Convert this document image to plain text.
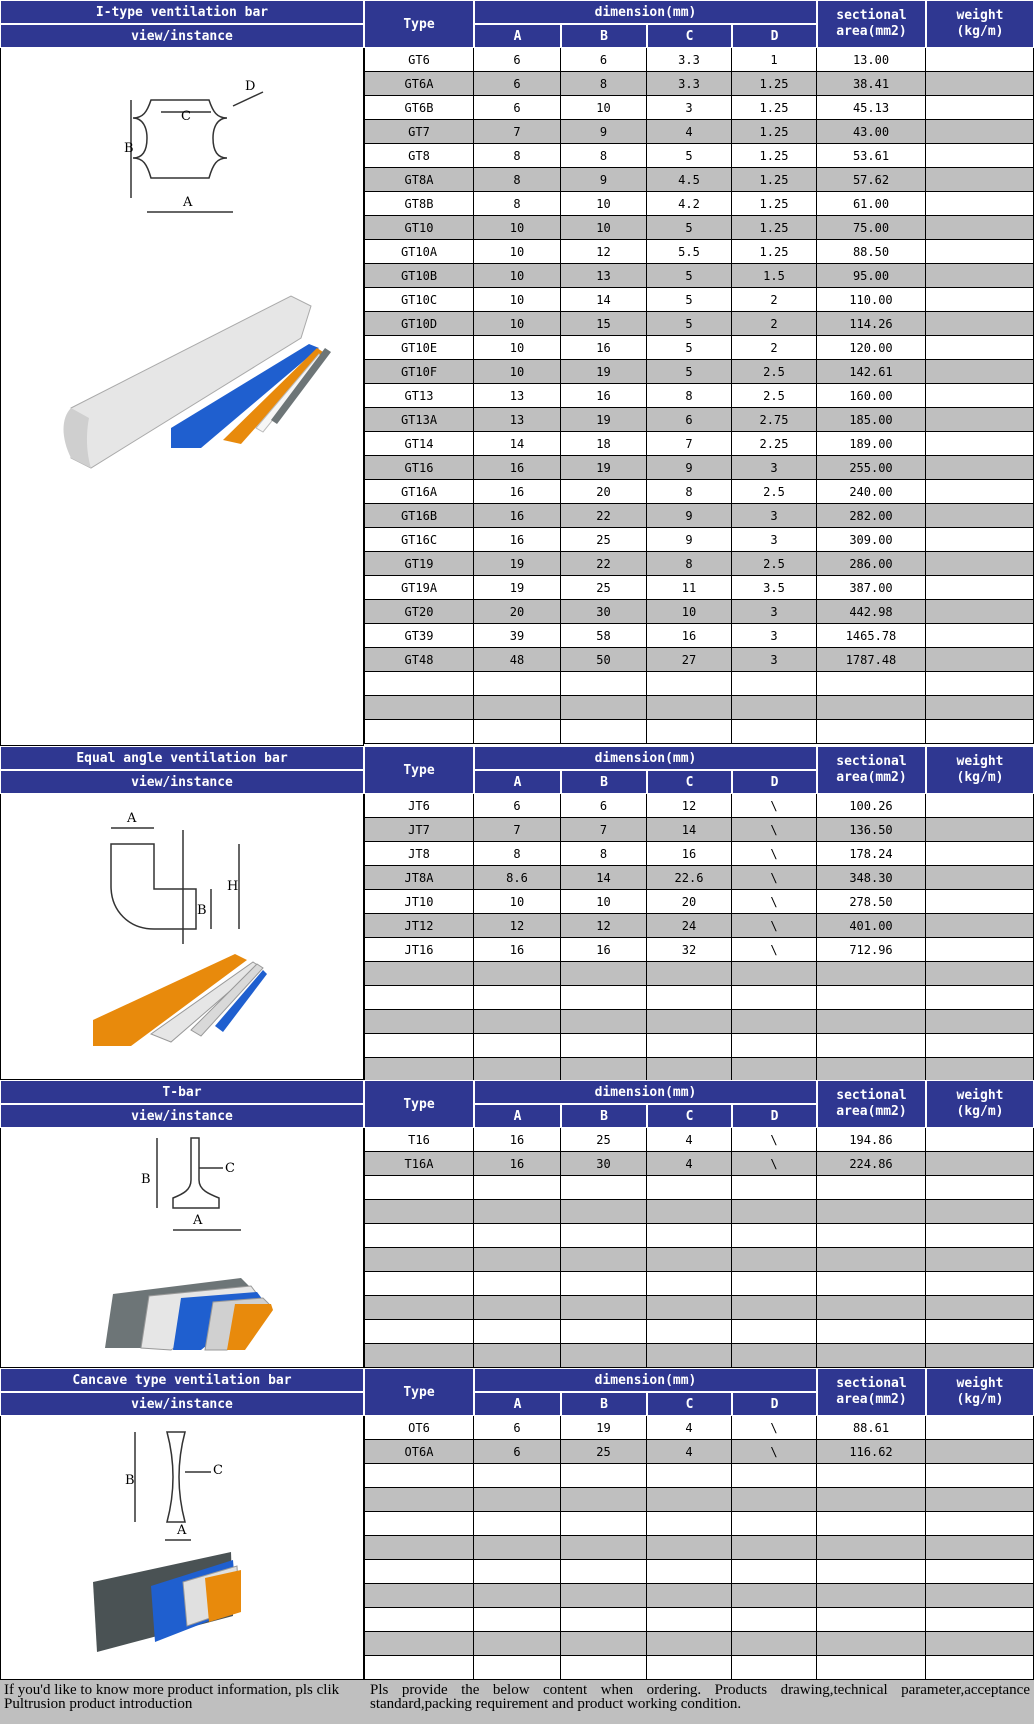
I-type ventilation bar
view/instance
Type
dimension(mm)
A	B	C	D
sectional area(mm2)
weight (kg/m)
B
A
C
D
GT6	6	6	3.3	1	13.00
GT6A	6	8	3.3	1.25	38.41
GT6B	6	10	3	1.25	45.13
GT7	7	9	4	1.25	43.00
GT8	8	8	5	1.25	53.61
GT8A	8	9	4.5	1.25	57.62
GT8B	8	10	4.2	1.25	61.00
GT10	10	10	5	1.25	75.00
GT10A	10	12	5.5	1.25	88.50
GT10B	10	13	5	1.5	95.00
GT10C	10	14	5	2	110.00
GT10D	10	15	5	2	114.26
GT10E	10	16	5	2	120.00
GT10F	10	19	5	2.5	142.61
GT13	13	16	8	2.5	160.00
GT13A	13	19	6	2.75	185.00
GT14	14	18	7	2.25	189.00
GT16	16	19	9	3	255.00
GT16A	16	20	8	2.5	240.00
GT16B	16	22	9	3	282.00
GT16C	16	25	9	3	309.00
GT19	19	22	8	2.5	286.00
GT19A	19	25	11	3.5	387.00
GT20	20	30	10	3	442.98
GT39	39	58	16	3	1465.78
GT48	48	50	27	3	1787.48
Equal angle ventilation bar
view/instance
Type
dimension(mm)
A	B	C	D
sectional area(mm2)
weight (kg/m)
A
B
H
JT6	6	6	12	\	100.26
JT7	7	7	14	\	136.50
JT8	8	8	16	\	178.24
JT8A	8.6	14	22.6	\	348.30
JT10	10	10	20	\	278.50
JT12	12	12	24	\	401.00
JT16	16	16	32	\	712.96
T-bar
view/instance
Type
dimension(mm)
A	B	C	D
sectional area(mm2)
weight (kg/m)
B
A
C
T16	16	25	4	\	194.86
T16A	16	30	4	\	224.86
Cancave type ventilation bar
view/instance
Type
dimension(mm)
A	B	C	D
sectional area(mm2)
weight (kg/m)
B
A
C
OT6	6	19	4	\	88.61
OT6A	6	25	4	\	116.62
If you'd like to know more product information, pls clik Pultrusion product introduction
Pls provide the below content when ordering. Products drawing,technical parameter,acceptance standard,packing requirement and product working condition.
